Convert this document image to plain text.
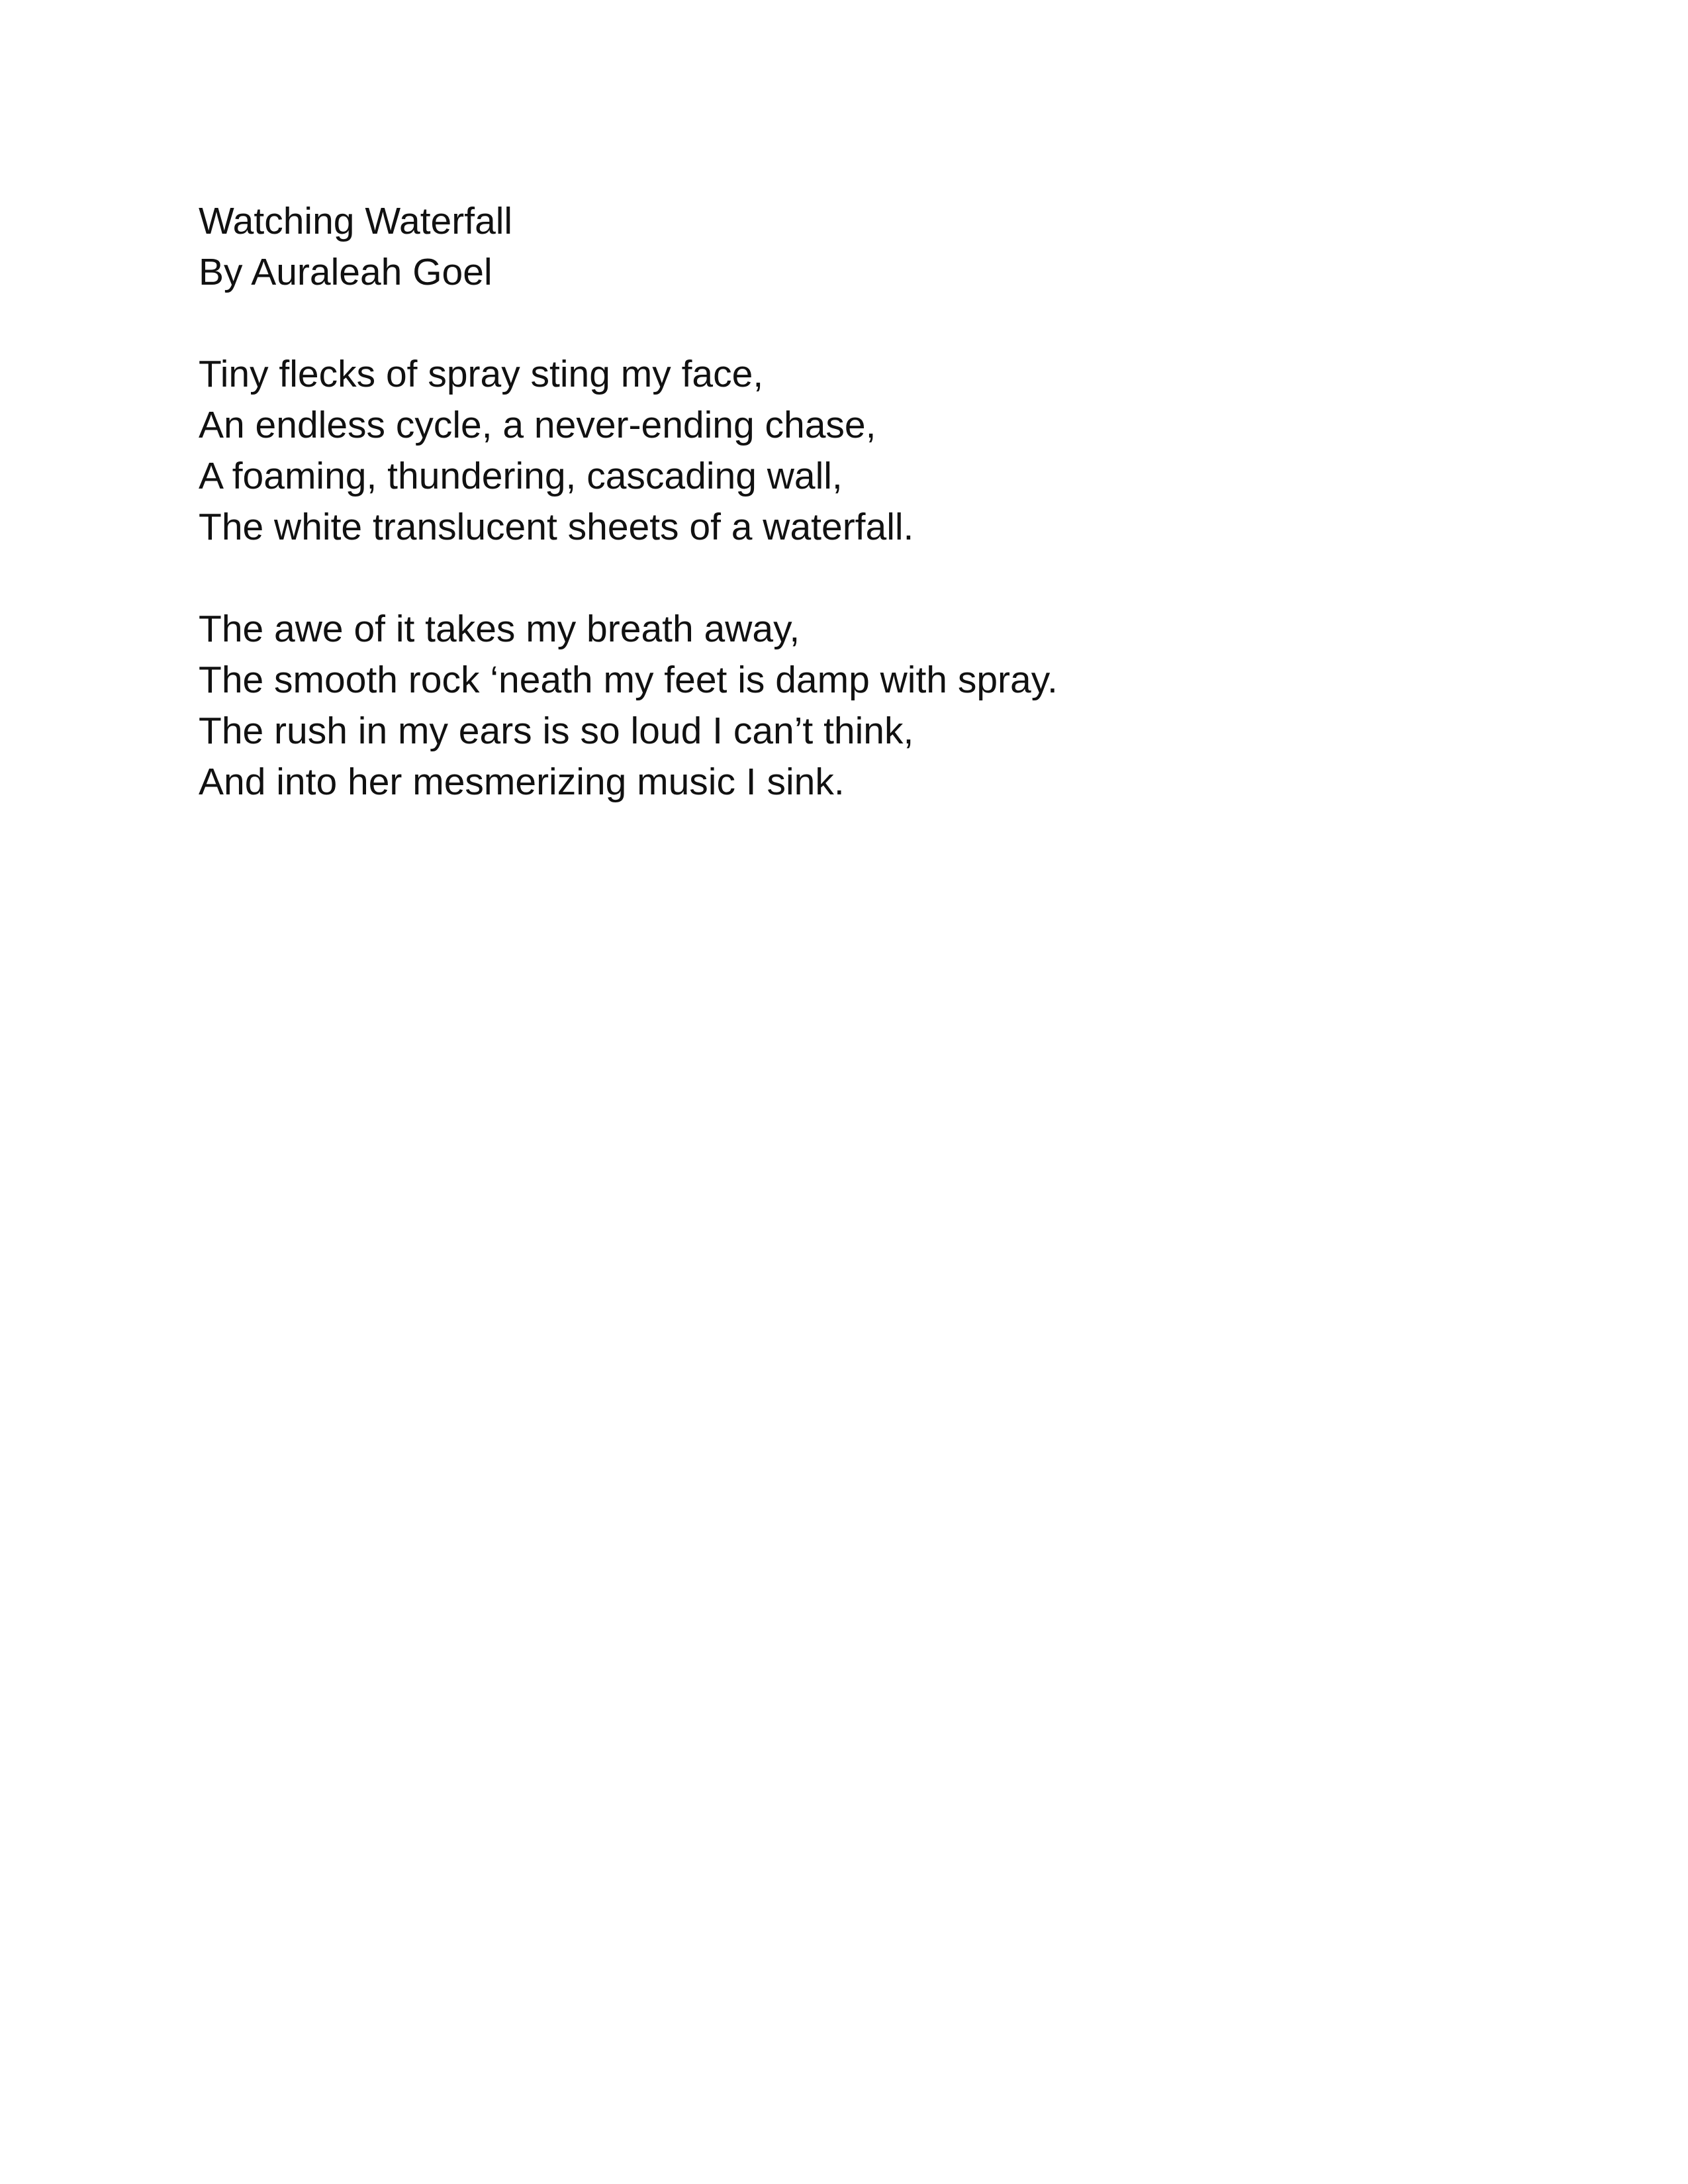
Watching Waterfall
By Auraleah Goel
Tiny flecks of spray sting my face,
An endless cycle, a never-ending chase,
A foaming, thundering, cascading wall,
The white translucent sheets of a waterfall.
The awe of it takes my breath away,
The smooth rock ‘neath my feet is damp with spray.
The rush in my ears is so loud I can’t think,
And into her mesmerizing music I sink.
